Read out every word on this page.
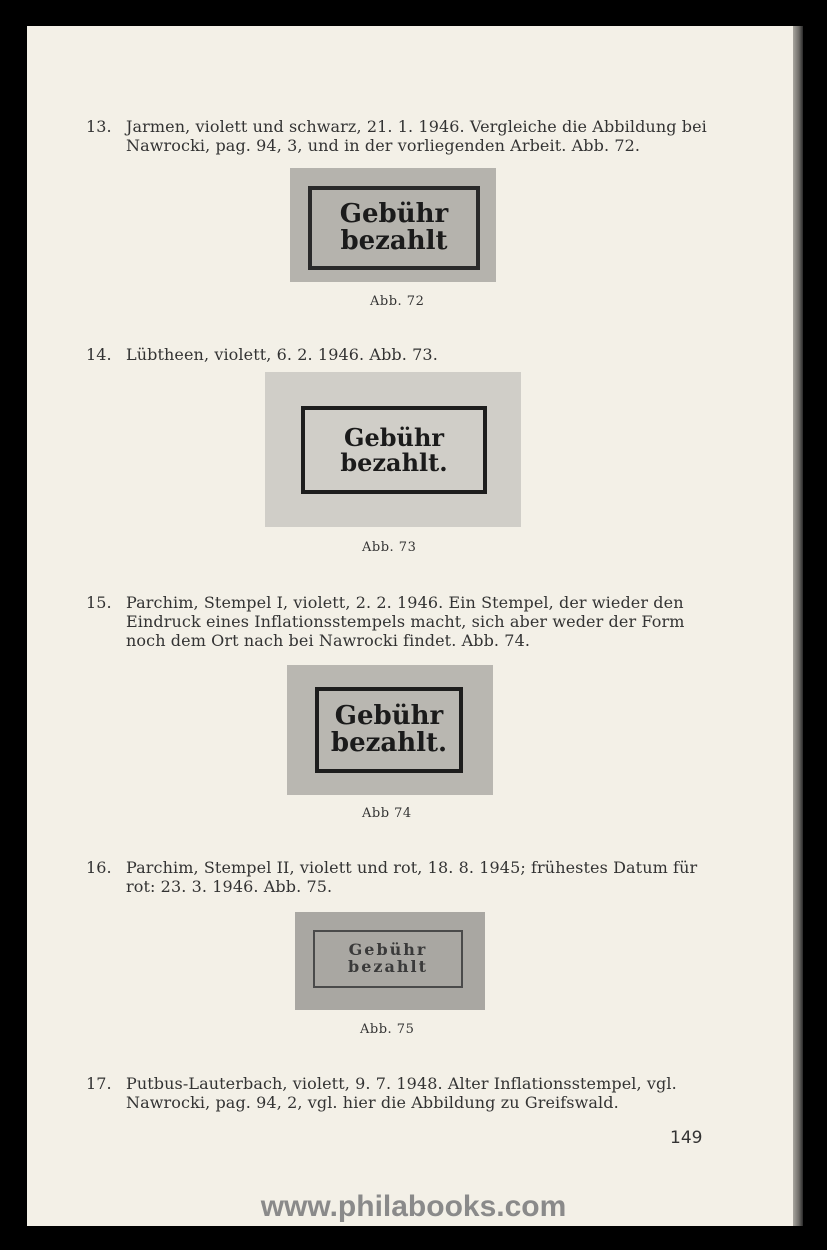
13. Jarmen, violett und schwarz, 21. 1. 1946. Vergleiche die Abbildung bei Nawrocki, pag. 94, 3, und in der vorliegenden Arbeit. Abb. 72.
Gebühr
bezahlt
Abb. 72
14. Lübtheen, violett, 6. 2. 1946. Abb. 73.
Gebühr
bezahlt.
Abb. 73
15. Parchim, Stempel I, violett, 2. 2. 1946. Ein Stempel, der wieder den Eindruck eines Inflationsstempels macht, sich aber weder der Form noch dem Ort nach bei Nawrocki findet. Abb. 74.
Gebühr
bezahlt.
Abb 74
16. Parchim, Stempel II, violett und rot, 18. 8. 1945; frühestes Datum für rot: 23. 3. 1946. Abb. 75.
Gebühr
bezahlt
Abb. 75
17. Putbus-Lauterbach, violett, 9. 7. 1948. Alter Inflationsstempel, vgl. Nawrocki, pag. 94, 2, vgl. hier die Abbildung zu Greifswald.
149
www.philabooks.com
